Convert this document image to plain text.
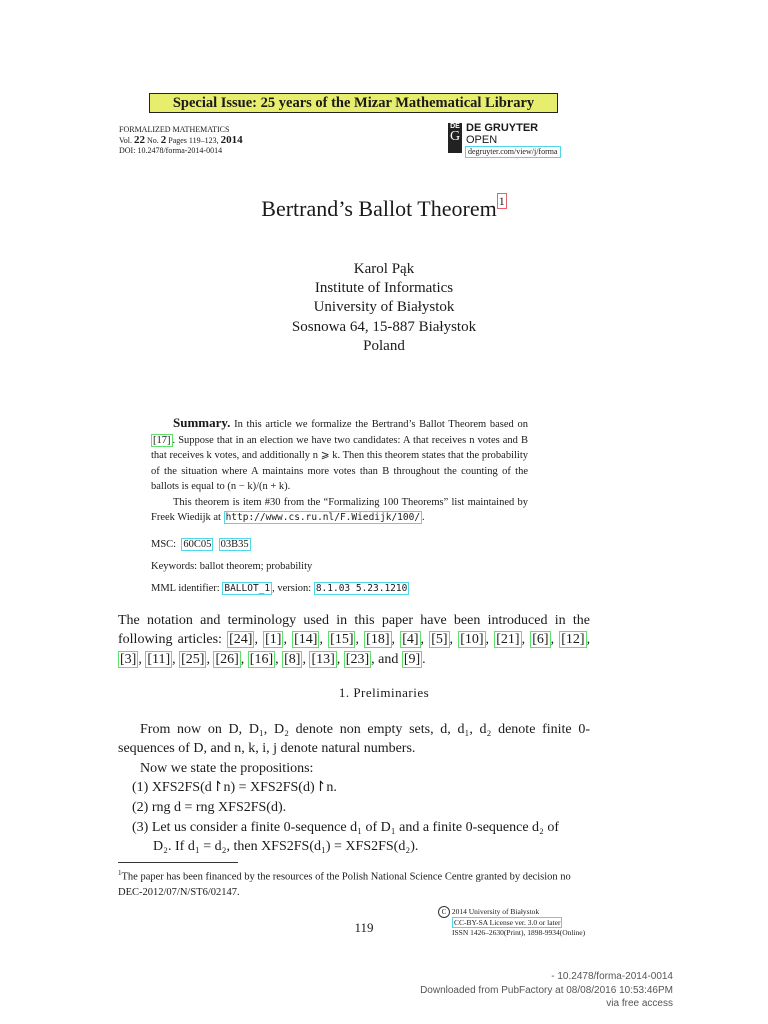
Special Issue: 25 years of the Mizar Mathematical Library
FORMALIZED MATHEMATICS
Vol. 22 No. 2 Pages 119–123, 2014
DOI: 10.2478/forma-2014-0014
DE
G
DE GRUYTER
OPEN
degruyter.com/view/j/forma
Bertrand’s Ballot Theorem $^1$
Karol Pąk
Institute of Informatics
University of Białystok
Sosnowa 64, 15-887 Białystok
Poland

Summary. In this article we formalize the Bertrand’s Ballot Theorem based on [17] . Suppose that in an election we have two candidates: A that receives n votes and B that receives k votes, and additionally n ⩾ k. Then this theorem states that the probability of the situation where A maintains more votes than B throughout the counting of the ballots is equal to (n − k)/(n + k).

This theorem is item #30 from the “Formalizing 100 Theorems” list maintained by Freek Wiedijk at http://www.cs.ru.nl/F.Wiedijk/100/ .

MSC: 60C05 03B35
Keywords: ballot theorem; probability
MML identifier: BALLOT_1 , version: 8.1.03 5.23.1210

The notation and terminology used in this paper have been introduced in the following articles: [24] , [1] , [14] , [15] , [18] , [4] , [5] , [10] , [21] , [6] , [12] , [3] , [11] , [25] , [26] , [16] , [8] , [13] , [23] , and [9] .

1. Preliminaries

From now on D, D₁, D₂ denote non empty sets, d, d₁, d₂ denote finite 0-sequences of D, and n, k, i, j denote natural numbers.

Now we state the propositions:

(1) XFS2FS(d↾n) = XFS2FS(d)↾n.
(2) rng d = rng XFS2FS(d).
(3) Let us consider a finite 0-sequence d₁ of D₁ and a finite 0-sequence d₂ of
D₂. If d₁ = d₂, then XFS2FS(d₁) = XFS2FS(d₂).
$^1$The paper has been financed by the resources of the Polish National Science Centre granted by decision no DEC-2012/07/N/ST6/02147.
119
C 2014 University of Białystok
CC-BY-SA License ver. 3.0 or later
ISSN 1426–2630(Print), 1898-9934(Online)
- 10.2478/forma-2014-0014
Downloaded from PubFactory at 08/08/2016 10:53:46PM
via free access
